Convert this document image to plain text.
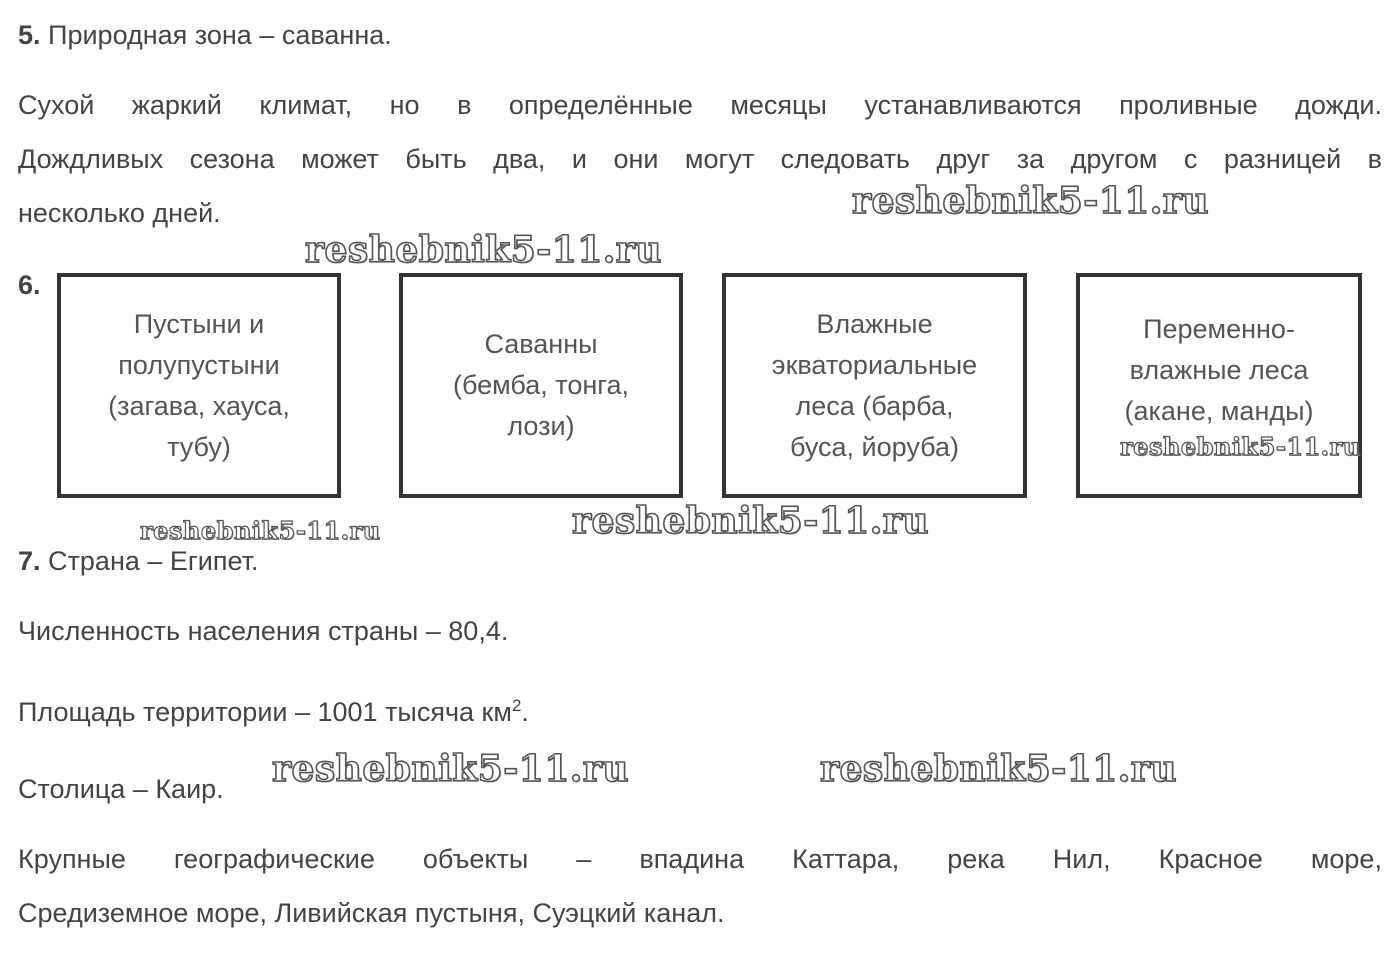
5. Природная зона – саванна.
Сухой жаркий климат, но в определённые месяцы устанавливаются проливные дожди.
Дождливых сезона может быть два, и они могут следовать друг за другом с разницей в
несколько дней.
6.
Пустыни и
полупустыни
(загава, хауса,
тубу)
Саванны
(бемба, тонга,
лози)
Влажные
экваториальные
леса (барба,
буса, йоруба)
Переменно-
влажные леса
(акане, манды)
7. Страна – Египет.
Численность населения страны – 80,4.
Площадь территории – 1001 тысяча $км^2$.
Столица – Каир.
Крупные географические объекты – впадина Каттара, река Нил, Красное море,
Средиземное море, Ливийская пустыня, Суэцкий канал.
reshebnik5-11.ru
reshebnik5-11.ru
reshebnik5-11.ru
reshebnik5-11.ru	reshebnik5-11.ru
reshebnik5-11.ru	reshebnik5-11.ru
